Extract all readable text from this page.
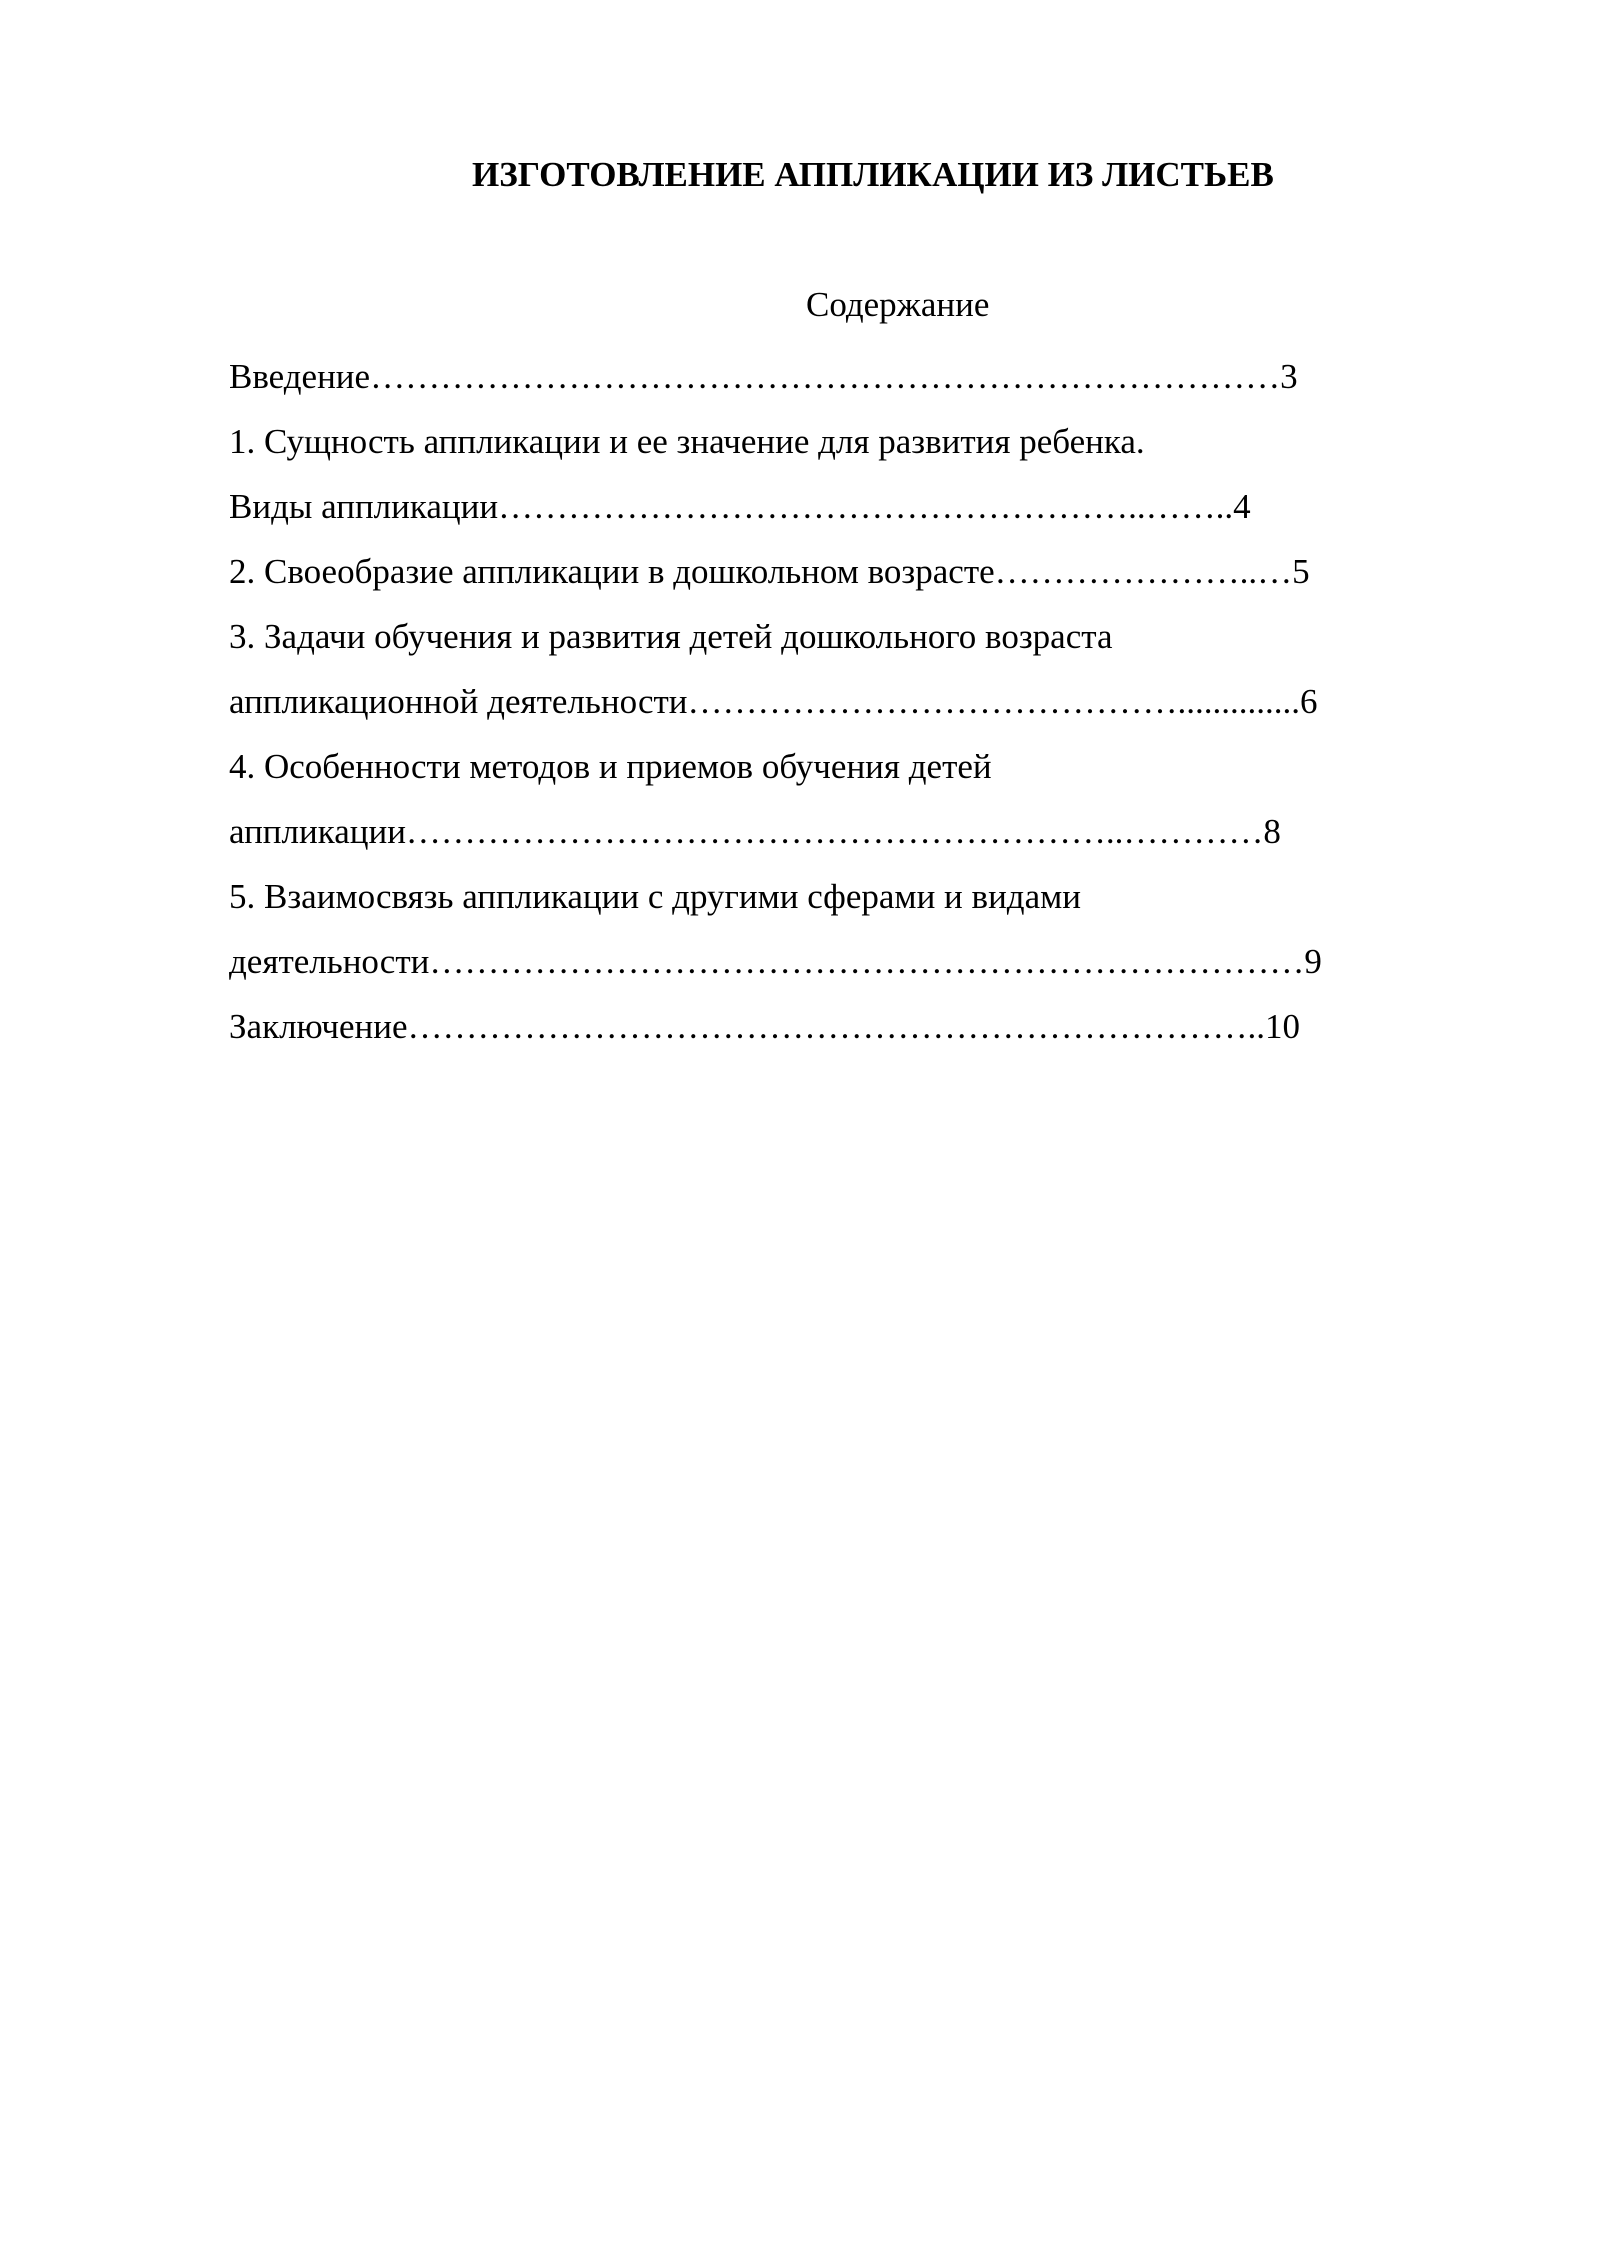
ИЗГОТОВЛЕНИЕ АППЛИКАЦИИ ИЗ ЛИСТЬЕВ
Содержание
Введение……………………………………………………………………3
1. Сущность аппликации и ее значение для развития ребенка.
Виды аппликации………………………………………………..……..4
2. Своеобразие аппликации в дошкольном возрасте…………………..…5
3. Задачи обучения и развития детей дошкольного возраста
аппликационной деятельности……………………………………..............6
4. Особенности методов и приемов обучения детей
аппликации……………………………………………………..…………8
5. Взаимосвязь аппликации с другими сферами и видами
деятельности…………………………………………………………………9
Заключение………………………………………………………………..10
